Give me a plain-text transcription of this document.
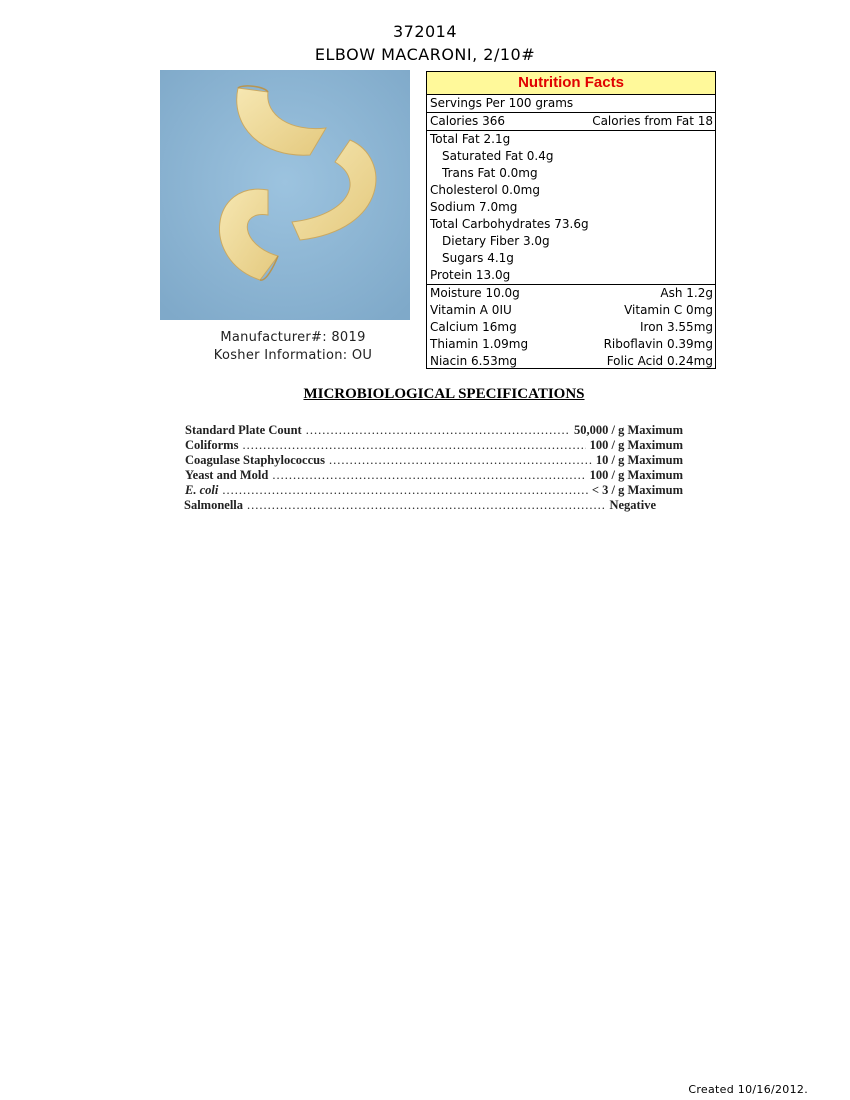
372014
ELBOW MACARONI, 2/10#
Manufacturer#: 8019
Kosher Information: OU
Nutrition Facts
Servings Per 100 grams
Calories 366	Calories from Fat 18
Total Fat 2.1g
Saturated Fat 0.4g
Trans Fat 0.0mg
Cholesterol 0.0mg
Sodium 7.0mg
Total Carbohydrates 73.6g
Dietary Fiber 3.0g
Sugars 4.1g
Protein 13.0g
Moisture 10.0g	Ash 1.2g
Vitamin A 0IU	Vitamin C 0mg
Calcium 16mg	Iron 3.55mg
Thiamin 1.09mg	Riboflavin 0.39mg
Niacin 6.53mg	Folic Acid 0.24mg
MICROBIOLOGICAL SPECIFICATIONS
Standard Plate Count .....	50,000 / g Maximum
Coliforms .....	100 / g Maximum
Coagulase Staphylococcus .....	10 / g Maximum
Yeast and Mold .....	100 / g Maximum
E. coli .....	< 3 / g Maximum
Salmonella .....	Negative
Created 10/16/2012.
